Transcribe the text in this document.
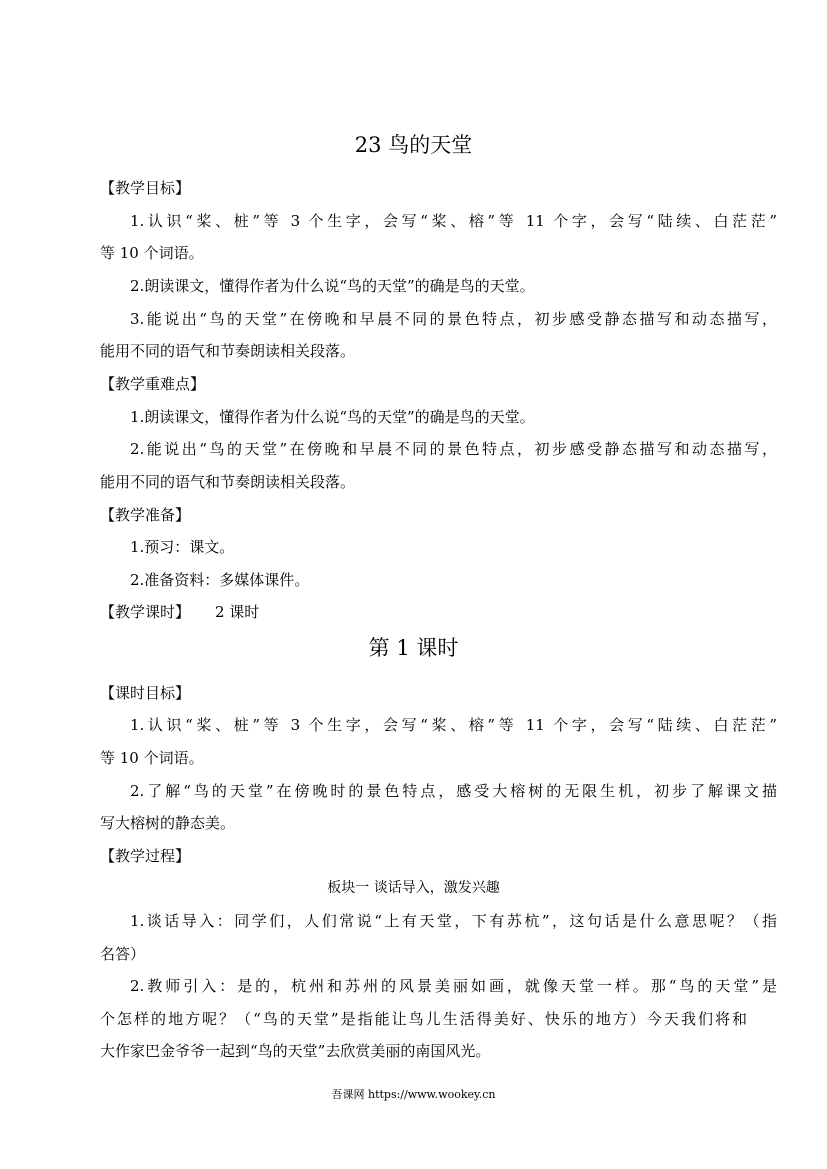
23 鸟的天堂
【教学目标】
1.认识“桨、桩”等 3 个生字，会写“桨、榕”等 11 个字，会写“陆续、白茫茫”
等 10 个词语。
2.朗读课文，懂得作者为什么说“鸟的天堂”的确是鸟的天堂。
3.能说出“鸟的天堂”在傍晚和早晨不同的景色特点，初步感受静态描写和动态描写，
能用不同的语气和节奏朗读相关段落。
【教学重难点】
1.朗读课文，懂得作者为什么说“鸟的天堂”的确是鸟的天堂。
2.能说出“鸟的天堂”在傍晚和早晨不同的景色特点，初步感受静态描写和动态描写，
能用不同的语气和节奏朗读相关段落。
【教学准备】
1.预习：课文。
2.准备资料：多媒体课件。
【教学课时】 2 课时
第 1 课时
【课时目标】
1.认识“桨、桩”等 3 个生字，会写“桨、榕”等 11 个字，会写“陆续、白茫茫”
等 10 个词语。
2.了解“鸟的天堂”在傍晚时的景色特点，感受大榕树的无限生机，初步了解课文描
写大榕树的静态美。
【教学过程】
板块一 谈话导入，激发兴趣
1.谈话导入：同学们，人们常说“上有天堂，下有苏杭”，这句话是什么意思呢？（指
名答）
2.教师引入：是的，杭州和苏州的风景美丽如画，就像天堂一样。那“鸟的天堂”是
个怎样的地方呢？（“鸟的天堂”是指能让鸟儿生活得美好、快乐的地方）今天我们将和
大作家巴金爷爷一起到“鸟的天堂”去欣赏美丽的南国风光。
吾课网 https://www.wookey.cn
